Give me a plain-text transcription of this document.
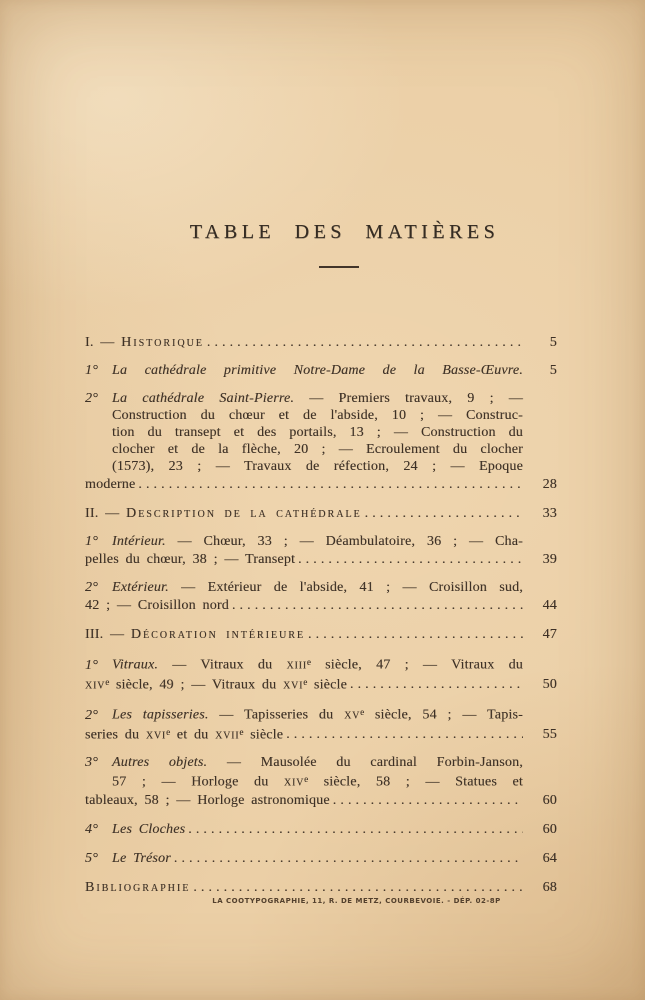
TABLE DES MATIÈRES
I. — Historique .....	5
1°La cathédrale primitive Notre-Dame de la Basse-Œuvre.	5
2°La cathédrale Saint-Pierre. — Premiers travaux, 9 ; —
Construction du chœur et de l'abside, 10 ; — Construc-
tion du transept et des portails, 13 ; — Construction du
clocher et de la flèche, 20 ; — Ecroulement du clocher
(1573), 23 ; — Travaux de réfection, 24 ; — Epoque
moderne .....	28
II. — Description de la cathédrale .....	33
1°Intérieur. — Chœur, 33 ; — Déambulatoire, 36 ; — Cha-
pelles du chœur, 38 ; — Transept .....	39
2°Extérieur. — Extérieur de l'abside, 41 ; — Croisillon sud,
42 ; — Croisillon nord .....	44
III. — Décoration intérieure .....	47
1°Vitraux. — Vitraux du xiii$^e$ siècle, 47 ; — Vitraux du
xiv$^e$ siècle, 49 ; — Vitraux du xvi$^e$ siècle .....	50
2°Les tapisseries. — Tapisseries du $xv^e$ siècle, 54 ; — Tapis-
series du xvi$^e$ et du xvii$^e$ siècle .....	55
3°Autres objets. — Mausolée du cardinal Forbin-Janson,
57 ; — Horloge du xiv$^e$ siècle, 58 ; — Statues et
tableaux, 58 ; — Horloge astronomique .....	60
4°Les Cloches .....	60
5°Le Trésor .....	64
Bibliographie .....	68
LA COOTYPOGRAPHIE, 11, R. DE METZ, COURBEVOIE. - DÉP. 02-8P
